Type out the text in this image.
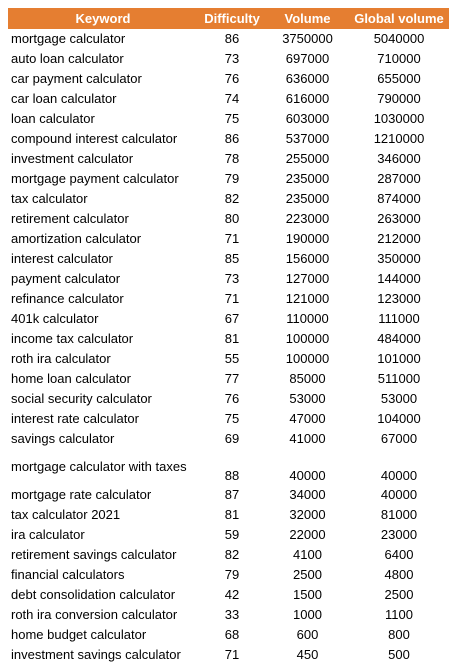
Keyword	Difficulty	Volume	Global volume
mortgage calculator	86	3750000	5040000
auto loan calculator	73	697000	710000
car payment calculator	76	636000	655000
car loan calculator	74	616000	790000
loan calculator	75	603000	1030000
compound interest calculator	86	537000	1210000
investment calculator	78	255000	346000
mortgage payment calculator	79	235000	287000
tax calculator	82	235000	874000
retirement calculator	80	223000	263000
amortization calculator	71	190000	212000
interest calculator	85	156000	350000
payment calculator	73	127000	144000
refinance calculator	71	121000	123000
401k calculator	67	110000	111000
income tax calculator	81	100000	484000
roth ira calculator	55	100000	101000
home loan calculator	77	85000	511000
social security calculator	76	53000	53000
interest rate calculator	75	47000	104000
savings calculator	69	41000	67000
mortgage calculator with taxes	88	40000	40000
mortgage rate calculator	87	34000	40000
tax calculator 2021	81	32000	81000
ira calculator	59	22000	23000
retirement savings calculator	82	4100	6400
financial calculators	79	2500	4800
debt consolidation calculator	42	1500	2500
roth ira conversion calculator	33	1000	1100
home budget calculator	68	600	800
investment savings calculator	71	450	500
